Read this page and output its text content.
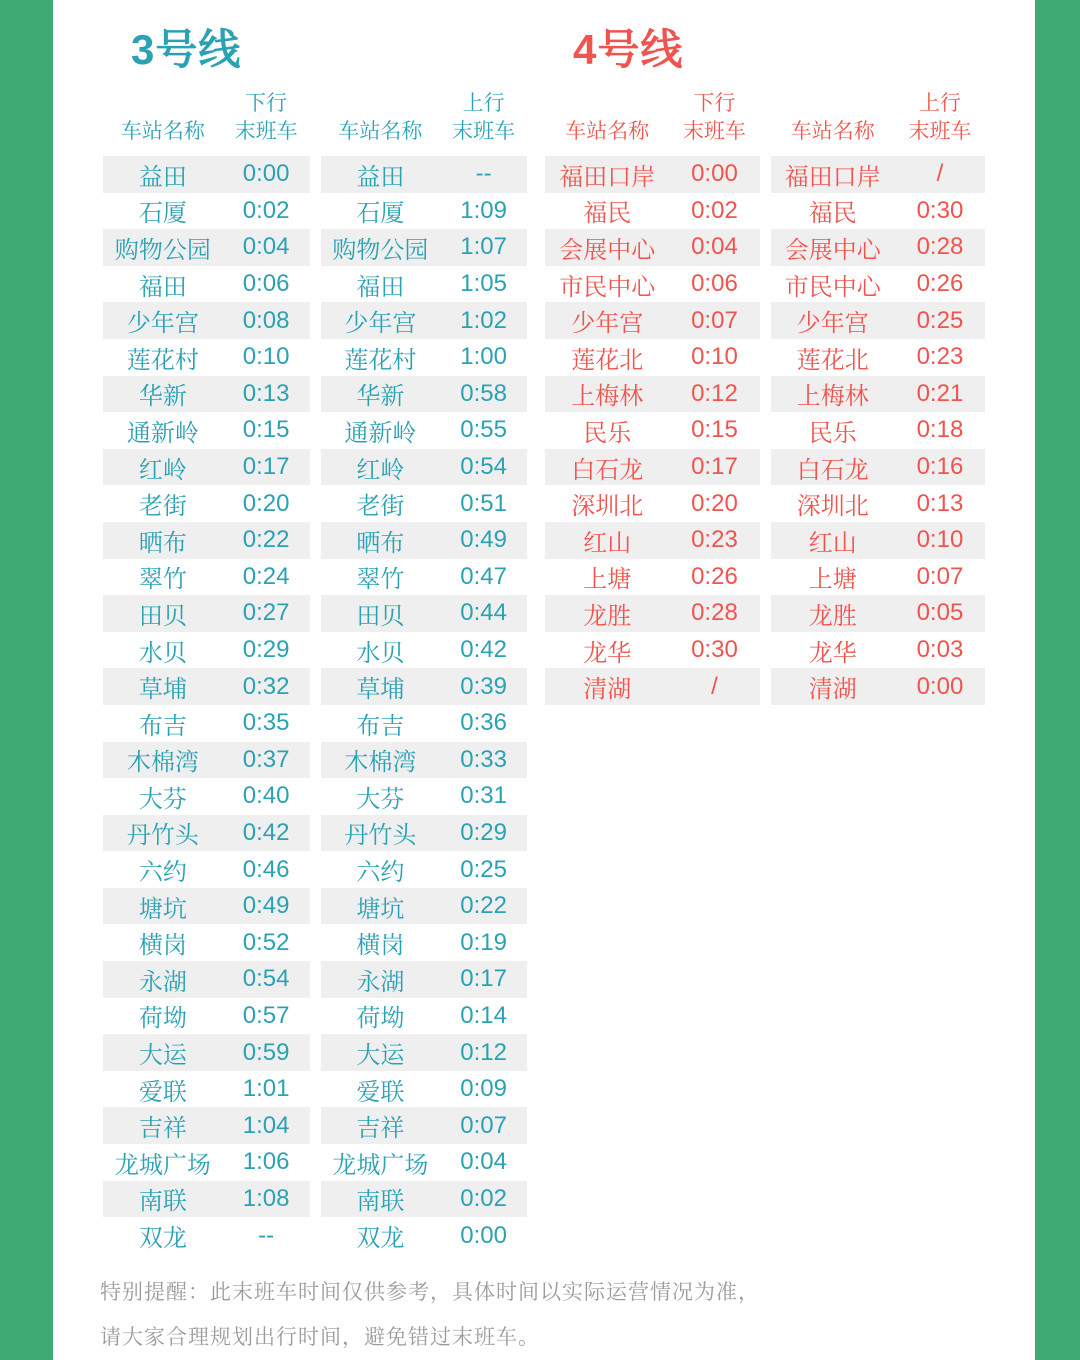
3号线
车站名称
下行
末班车
益田	0:00
石厦	0:02
购物公园	0:04
福田	0:06
少年宫	0:08
莲花村	0:10
华新	0:13
通新岭	0:15
红岭	0:17
老街	0:20
晒布	0:22
翠竹	0:24
田贝	0:27
水贝	0:29
草埔	0:32
布吉	0:35
木棉湾	0:37
大芬	0:40
丹竹头	0:42
六约	0:46
塘坑	0:49
横岗	0:52
永湖	0:54
荷坳	0:57
大运	0:59
爱联	1:01
吉祥	1:04
龙城广场	1:06
南联	1:08
双龙	--
车站名称
上行
末班车
益田	--
石厦	1:09
购物公园	1:07
福田	1:05
少年宫	1:02
莲花村	1:00
华新	0:58
通新岭	0:55
红岭	0:54
老街	0:51
晒布	0:49
翠竹	0:47
田贝	0:44
水贝	0:42
草埔	0:39
布吉	0:36
木棉湾	0:33
大芬	0:31
丹竹头	0:29
六约	0:25
塘坑	0:22
横岗	0:19
永湖	0:17
荷坳	0:14
大运	0:12
爱联	0:09
吉祥	0:07
龙城广场	0:04
南联	0:02
双龙	0:00
4号线
车站名称
下行
末班车
福田口岸	0:00
福民	0:02
会展中心	0:04
市民中心	0:06
少年宫	0:07
莲花北	0:10
上梅林	0:12
民乐	0:15
白石龙	0:17
深圳北	0:20
红山	0:23
上塘	0:26
龙胜	0:28
龙华	0:30
清湖	/
车站名称
上行
末班车
福田口岸	/
福民	0:30
会展中心	0:28
市民中心	0:26
少年宫	0:25
莲花北	0:23
上梅林	0:21
民乐	0:18
白石龙	0:16
深圳北	0:13
红山	0:10
上塘	0:07
龙胜	0:05
龙华	0:03
清湖	0:00

特别提醒：此末班车时间仅供参考，具体时间以实际运营情况为准，

请大家合理规划出行时间，避免错过末班车。
